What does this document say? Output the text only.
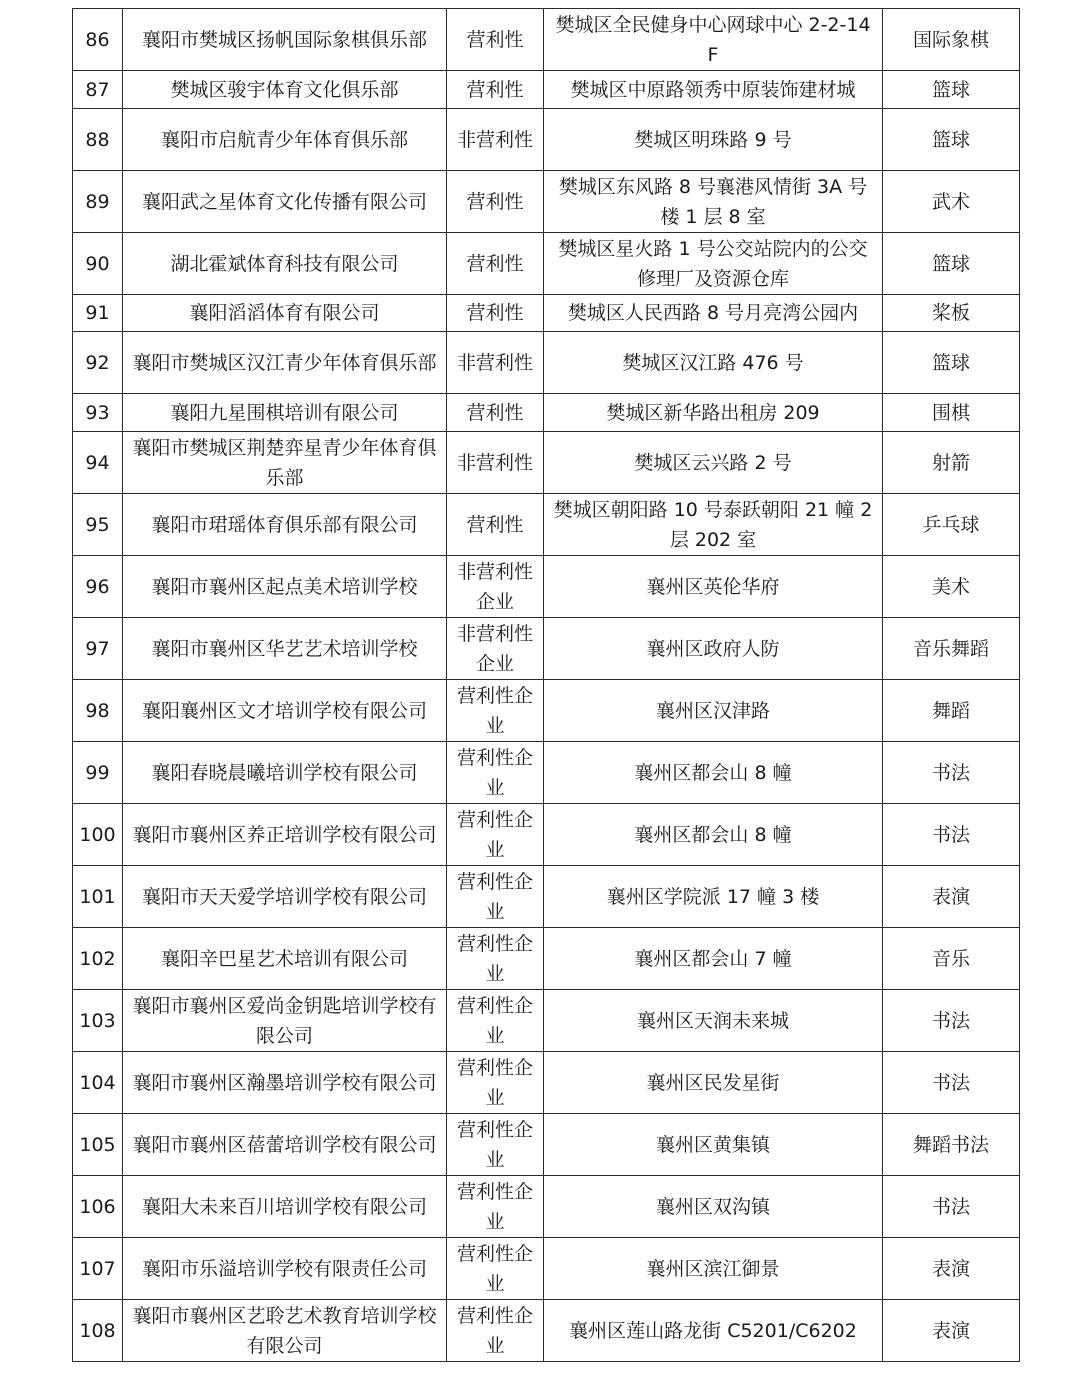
86	襄阳市樊城区扬帆国际象棋俱乐部	营利性	樊城区全民健身中心网球中心 2-2-14F	国际象棋
87	樊城区骏宇体育文化俱乐部	营利性	樊城区中原路领秀中原装饰建材城	篮球
88	襄阳市启航青少年体育俱乐部	非营利性	樊城区明珠路 9 号	篮球
89	襄阳武之星体育文化传播有限公司	营利性	樊城区东风路 8 号襄港风情街 3A 号楼 1 层 8 室	武术
90	湖北霍斌体育科技有限公司	营利性	樊城区星火路 1 号公交站院内的公交修理厂及资源仓库	篮球
91	襄阳滔滔体育有限公司	营利性	樊城区人民西路 8 号月亮湾公园内	桨板
92	襄阳市樊城区汉江青少年体育俱乐部	非营利性	樊城区汉江路 476 号	篮球
93	襄阳九星围棋培训有限公司	营利性	樊城区新华路出租房 209	围棋
94	襄阳市樊城区荆楚弈星青少年体育俱乐部	非营利性	樊城区云兴路 2 号	射箭
95	襄阳市珺瑶体育俱乐部有限公司	营利性	樊城区朝阳路 10 号泰跃朝阳 21 幢 2 层 202 室	乒乓球
96	襄阳市襄州区起点美术培训学校	非营利性企业	襄州区英伦华府	美术
97	襄阳市襄州区华艺艺术培训学校	非营利性企业	襄州区政府人防	音乐舞蹈
98	襄阳襄州区文才培训学校有限公司	营利性企业	襄州区汉津路	舞蹈
99	襄阳春晓晨曦培训学校有限公司	营利性企业	襄州区都会山 8 幢	书法
100	襄阳市襄州区养正培训学校有限公司	营利性企业	襄州区都会山 8 幢	书法
101	襄阳市天天爱学培训学校有限公司	营利性企业	襄州区学院派 17 幢 3 楼	表演
102	襄阳辛巴星艺术培训有限公司	营利性企业	襄州区都会山 7 幢	音乐
103	襄阳市襄州区爱尚金钥匙培训学校有限公司	营利性企业	襄州区天润未来城	书法
104	襄阳市襄州区瀚墨培训学校有限公司	营利性企业	襄州区民发星街	书法
105	襄阳市襄州区蓓蕾培训学校有限公司	营利性企业	襄州区黄集镇	舞蹈书法
106	襄阳大未来百川培训学校有限公司	营利性企业	襄州区双沟镇	书法
107	襄阳市乐溢培训学校有限责任公司	营利性企业	襄州区滨江御景	表演
108	襄阳市襄州区艺聆艺术教育培训学校有限公司	营利性企业	襄州区莲山路龙街 C5201/C6202	表演
